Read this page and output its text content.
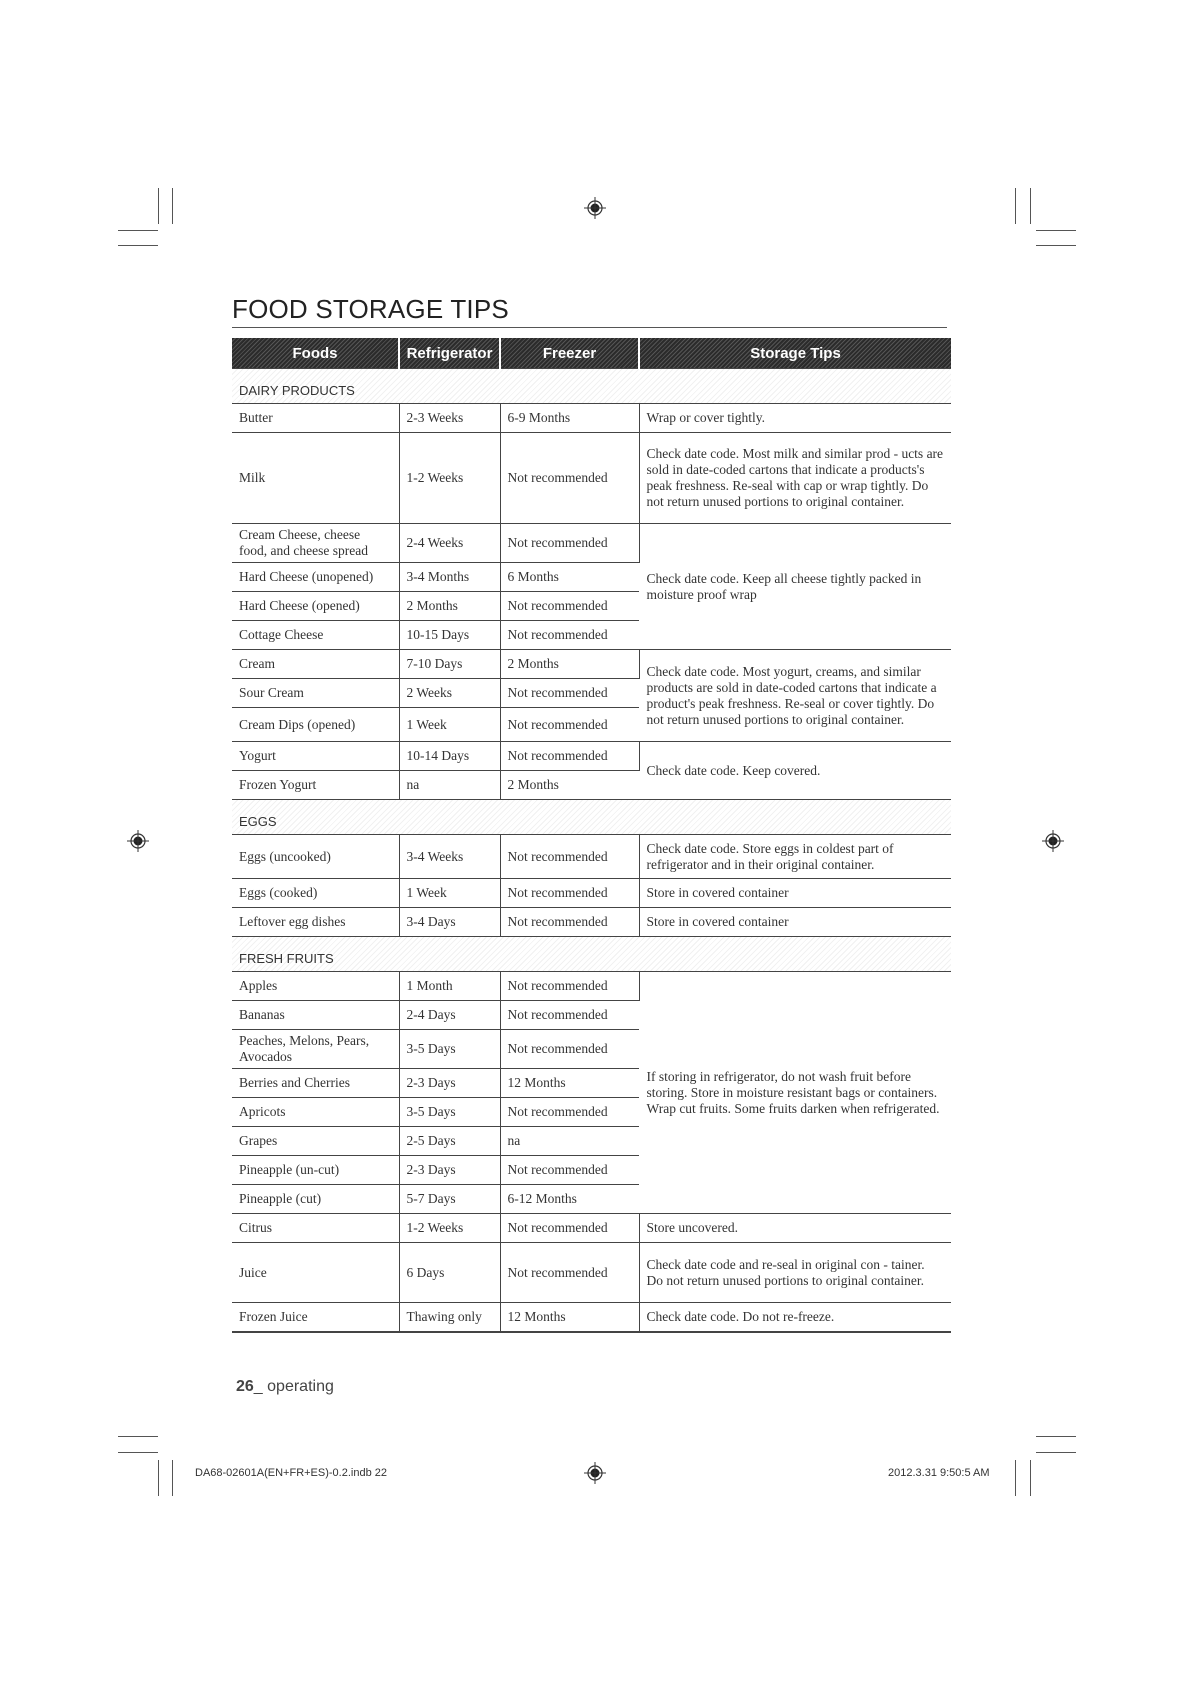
FOOD STORAGE TIPS
Foods	Refrigerator	Freezer	Storage Tips
DAIRY PRODUCTS			
Butter	2-3 Weeks	6-9 Months	Wrap or cover tightly.
Milk	1-2 Weeks	Not recommended	Check date code. Most milk and similar prod - ucts are sold in date-coded cartons that indicate a products's peak freshness. Re-seal with cap or wrap tightly. Do not return unused portions to original container.
Cream Cheese, cheese food, and cheese spread	2-4 Weeks	Not recommended	Check date code. Keep all cheese tightly packed in moisture proof wrap
Hard Cheese (unopened)	3-4 Months	6 Months	
Hard Cheese (opened)	2 Months	Not recommended	
Cottage Cheese	10-15 Days	Not recommended	
Cream	7-10 Days	2 Months	Check date code. Most yogurt, creams, and similar products are sold in date-coded cartons that indicate a product's peak freshness. Re-seal or cover tightly. Do not return unused portions to original container.
Sour Cream	2 Weeks	Not recommended	
Cream Dips (opened)	1 Week	Not recommended	
Yogurt	10-14 Days	Not recommended	Check date code. Keep covered.
Frozen Yogurt	na	2 Months	
EGGS			
Eggs (uncooked)	3-4 Weeks	Not recommended	Check date code. Store eggs in coldest part of refrigerator and in their original container.
Eggs (cooked)	1 Week	Not recommended	Store in covered container
Leftover egg dishes	3-4 Days	Not recommended	Store in covered container
FRESH FRUITS			
Apples	1 Month	Not recommended	If storing in refrigerator, do not wash fruit before storing. Store in moisture resistant bags or containers. Wrap cut fruits. Some fruits darken when refrigerated.
Bananas	2-4 Days	Not recommended	
Peaches, Melons, Pears, Avocados	3-5 Days	Not recommended	
Berries and Cherries	2-3 Days	12 Months	
Apricots	3-5 Days	Not recommended	
Grapes	2-5 Days	na	
Pineapple (un-cut)	2-3 Days	Not recommended	
Pineapple (cut)	5-7 Days	6-12 Months	
Citrus	1-2 Weeks	Not recommended	Store uncovered.
Juice	6 Days	Not recommended	Check date code and re-seal in original con - tainer. Do not return unused portions to original container.
Frozen Juice	Thawing only	12 Months	Check date code. Do not re-freeze.
26_ operating
DA68-02601A(EN+FR+ES)-0.2.indb 22	2012.3.31 9:50:5 AM
